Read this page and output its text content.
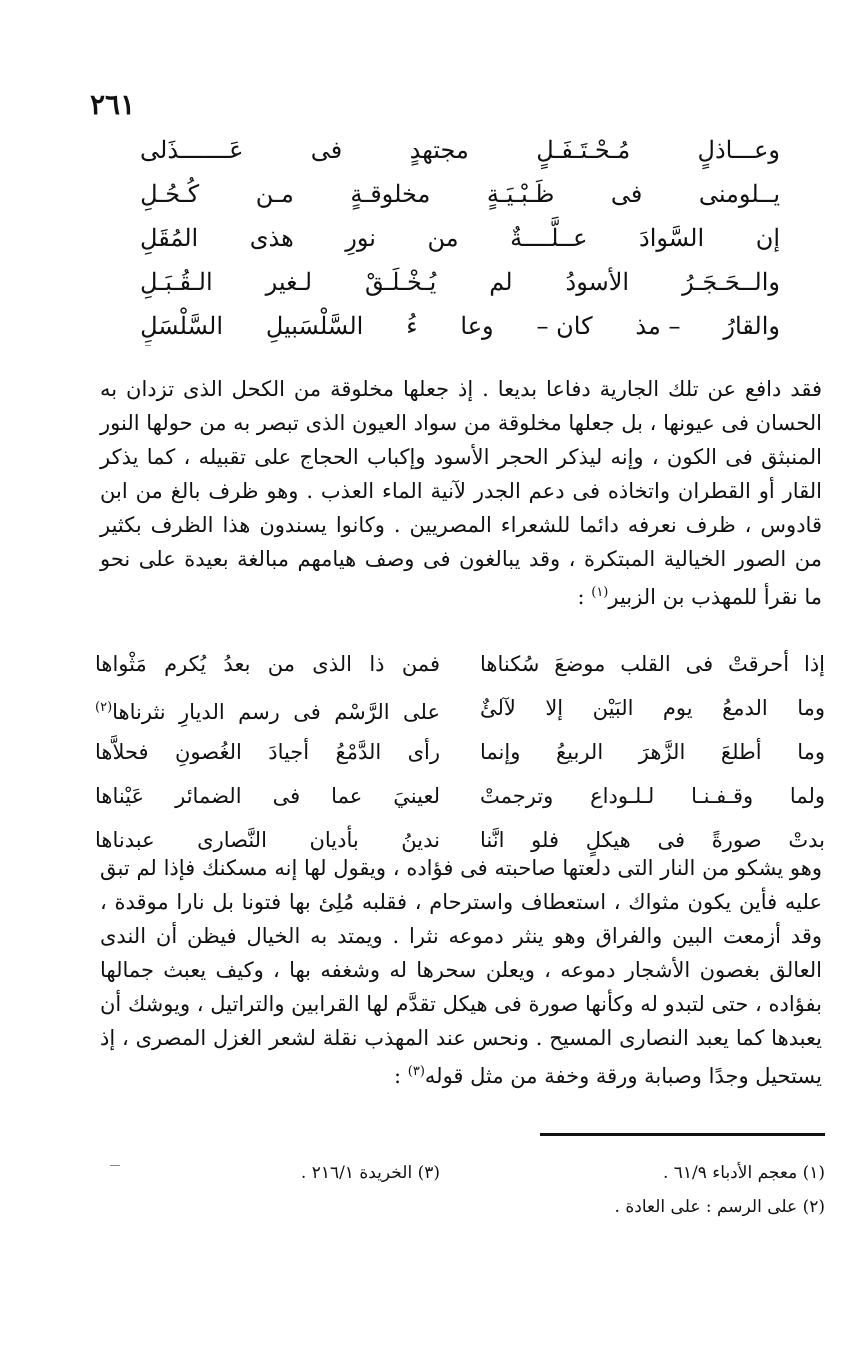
٢٦١
وعـــاذلٍ
مُـحْـتَـفَـلٍ
مجتهدٍ
فى
عَـــــــذَلى
يــلومنى
فى
ظَـبْـيَـةٍ
مخلوقـةٍ
مـن
كُـحُـلِ
إن
السَّوادَ
عــلَّــــةٌ
من
نورِ
هذى
المُقَلِ
والــحَـجَـرُ
الأسودُ
لم
يُـخْـلَـقْ
لـغير
الـقُـبَـلِ
والقارُ
– مذ
كان –
وعا
ءُ
السَّلْسَبيلِ
السَّلْسَلِ

فقد دافع عن تلك الجارية دفاعا بديعا . إذ جعلها مخلوقة من الكحل الذى تزدان به الحسان فى عيونها ، بل جعلها مخلوقة من سواد العيون الذى تبصر به من حولها النور المنبثق فى الكون ، وإنه ليذكر الحجر الأسود وإكباب الحجاج على تقبيله ، كما يذكر القار أو القطران واتخاذه فى دعم الجدر لآنية الماء العذب . وهو ظرف بالغ من ابن قادوس ، ظرف نعرفه دائما للشعراء المصريين . وكانوا يسندون هذا الظرف بكثير من الصور الخيالية المبتكرة ، وقد يبالغون فى وصف هيامهم مبالغة بعيدة على نحو ما نقرأ للمهذب بن الزبير$^{(١)}$ :

إذا أحرقتْ فى القلب موضعَ سُكناها
فمن ذا الذى من بعدُ يُكرم مَثْواها
وما الدمعُ يوم البَيْن إلا لآلئٌ
على الرَّسْم فى رسم الديارِ نثرناها$^{(٢)}$
وما أطلعَ الزَّهرَ الربيعُ وإنما
رأى الدَّمْعُ أجيادَ الغُصونِ فحلاَّها
ولما وقـفـنـا لـلـوداع وترجمتْ
لعينيَ عما فى الضمائر عَيْناها
بدتْ صورةً فى هيكلٍ فلو انَّنا
ندينُ بأديان النَّصارى عبدناها

وهو يشكو من النار التى دلعتها صاحبته فى فؤاده ، ويقول لها إنه مسكنك فإذا لم تبق عليه فأين يكون مثواك ، استعطاف واسترحام ، فقلبه مُلِئ بها فتونا بل نارا موقدة ، وقد أزمعت البين والفراق وهو ينثر دموعه نثرا . ويمتد به الخيال فيظن أن الندى العالق بغصون الأشجار دموعه ، ويعلن سحرها له وشغفه بها ، وكيف يعبث جمالها بفؤاده ، حتى لتبدو له وكأنها صورة فى هيكل تقدَّم لها القرابين والتراتيل ، ويوشك أن يعبدها كما يعبد النصارى المسيح . ونحس عند المهذب نقلة لشعر الغزل المصرى ، إذ يستحيل وجدًا وصبابة ورقة وخفة من مثل قوله$^{(٣)}$ :

(١) معجم الأدباء ٦١/٩ .
(٢) على الرسم : على العادة .
(٣) الخريدة ٢١٦/١ .
